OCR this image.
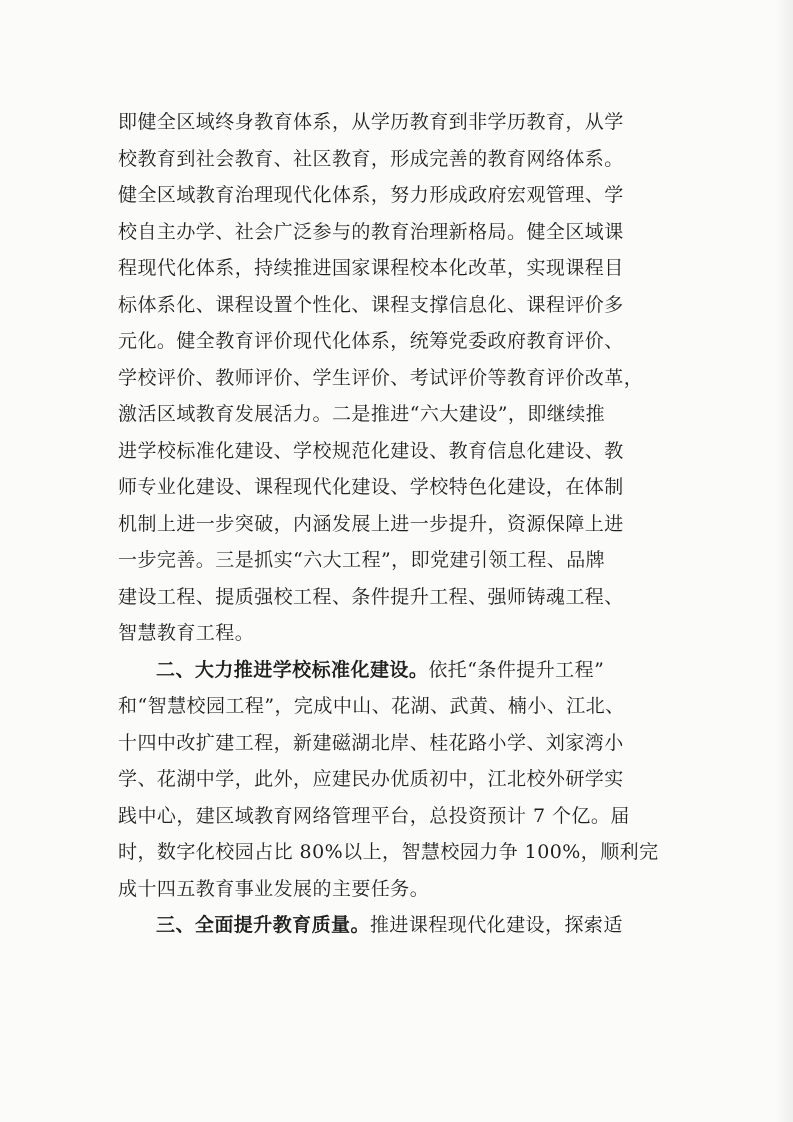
即健全区域终身教育体系，从学历教育到非学历教育，从学
校教育到社会教育、社区教育，形成完善的教育网络体系。
健全区域教育治理现代化体系，努力形成政府宏观管理、学
校自主办学、社会广泛参与的教育治理新格局。健全区域课
程现代化体系，持续推进国家课程校本化改革，实现课程目
标体系化、课程设置个性化、课程支撑信息化、课程评价多
元化。健全教育评价现代化体系，统筹党委政府教育评价、
学校评价、教师评价、学生评价、考试评价等教育评价改革，
激活区域教育发展活力。二是推进“六大建设”，即继续推
进学校标准化建设、学校规范化建设、教育信息化建设、教
师专业化建设、课程现代化建设、学校特色化建设，在体制
机制上进一步突破，内涵发展上进一步提升，资源保障上进
一步完善。三是抓实“六大工程”，即党建引领工程、品牌
建设工程、提质强校工程、条件提升工程、强师铸魂工程、
智慧教育工程。
二、大力推进学校标准化建设。依托“条件提升工程”
和“智慧校园工程”，完成中山、花湖、武黄、楠小、江北、
十四中改扩建工程，新建磁湖北岸、桂花路小学、刘家湾小
学、花湖中学，此外，应建民办优质初中，江北校外研学实
践中心，建区域教育网络管理平台，总投资预计 7 个亿。届
时，数字化校园占比 80%以上，智慧校园力争 100%，顺利完
成十四五教育事业发展的主要任务。
三、全面提升教育质量。推进课程现代化建设，探索适
